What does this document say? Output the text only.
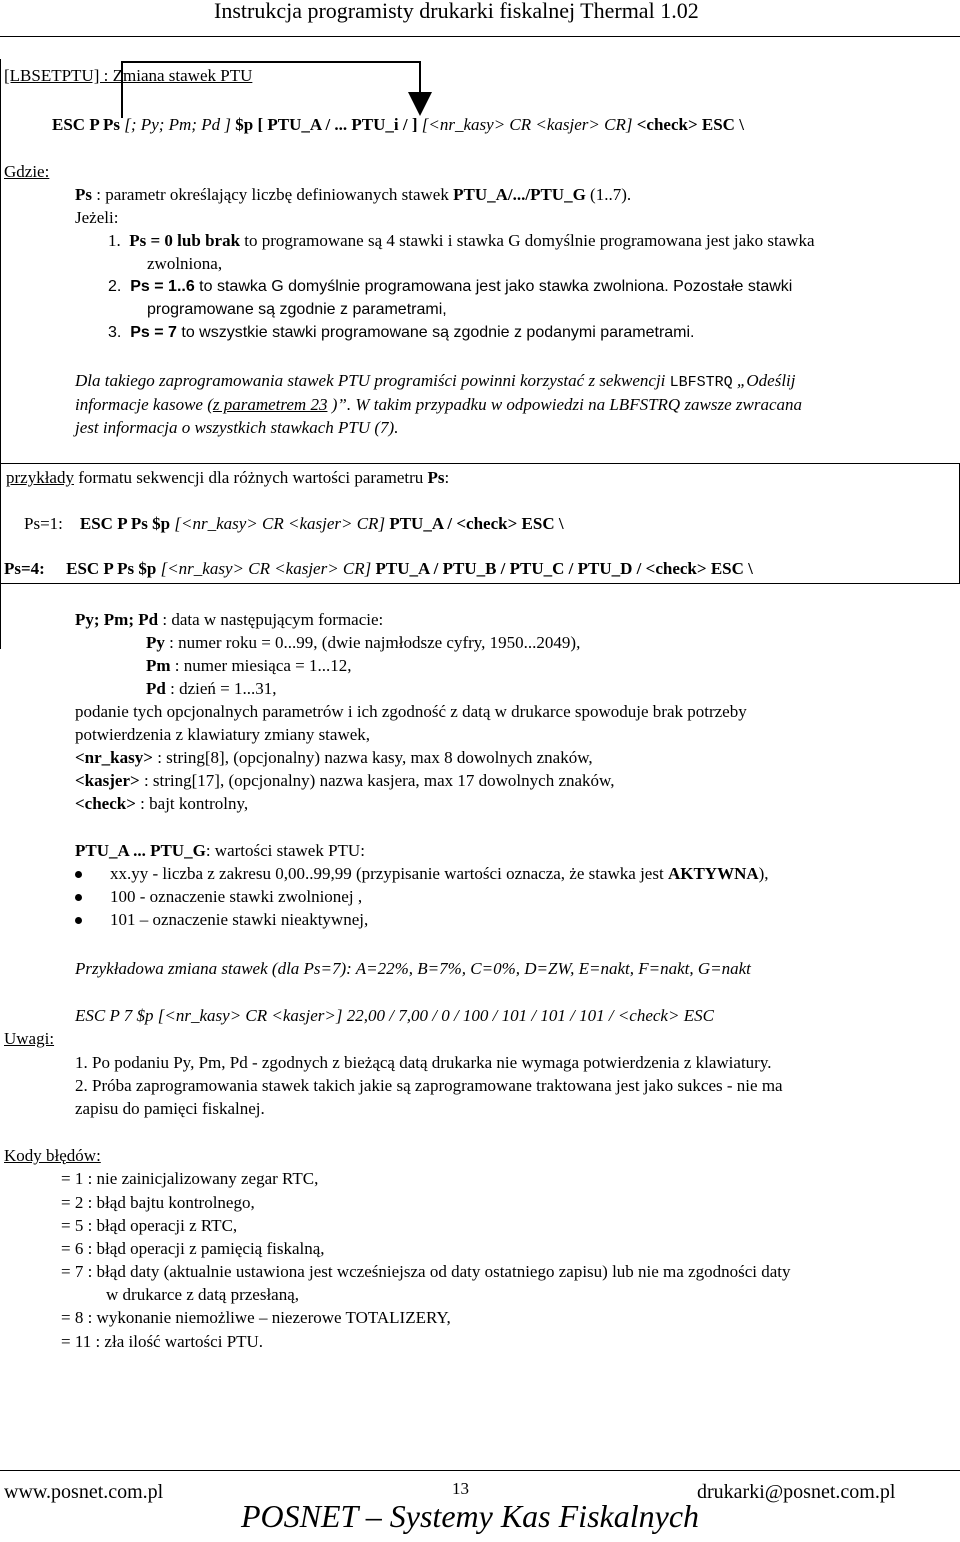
Instrukcja programisty drukarki fiskalnej Thermal 1.02
[LBSETPTU] : Zmiana stawek PTU
ESC P Ps [; Py; Pm; Pd ] $p [ PTU_A / ... PTU_i / ] [<nr_kasy> CR <kasjer> CR] <check> ESC \
Gdzie:
Ps : parametr określający liczbę definiowanych stawek PTU_A/.../PTU_G (1..7).
Jeżeli:
1. Ps = 0 lub brak to programowane są 4 stawki i stawka G domyślnie programowana jest jako stawka
zwolniona,
2. Ps = 1..6 to stawka G domyślnie programowana jest jako stawka zwolniona. Pozostałe stawki
programowane są zgodnie z parametrami,
3. Ps = 7 to wszystkie stawki programowane są zgodnie z podanymi parametrami.
Dla takiego zaprogramowania stawek PTU programiści powinni korzystać z sekwencji LBFSTRQ „Odeślij
informacje kasowe (z parametrem 23 )”. W takim przypadku w odpowiedzi na LBFSTRQ zawsze zwracana
jest informacja o wszystkich stawkach PTU (7).
przykłady formatu sekwencji dla różnych wartości parametru Ps:
Ps=1: ESC P Ps $p [<nr_kasy> CR <kasjer> CR] PTU_A / <check> ESC \
Ps=4: ESC P Ps $p [<nr_kasy> CR <kasjer> CR] PTU_A / PTU_B / PTU_C / PTU_D / <check> ESC \
Py; Pm; Pd : data w następującym formacie:
Py : numer roku = 0...99, (dwie najmłodsze cyfry, 1950...2049),
Pm : numer miesiąca = 1...12,
Pd : dzień = 1...31,
podanie tych opcjonalnych parametrów i ich zgodność z datą w drukarce spowoduje brak potrzeby
potwierdzenia z klawiatury zmiany stawek,
<nr_kasy> : string[8], (opcjonalny) nazwa kasy, max 8 dowolnych znaków,
<kasjer> : string[17], (opcjonalny) nazwa kasjera, max 17 dowolnych znaków,
<check> : bajt kontrolny,
PTU_A ... PTU_G: wartości stawek PTU:
xx.yy - liczba z zakresu 0,00..99,99 (przypisanie wartości oznacza, że stawka jest AKTYWNA),
100 - oznaczenie stawki zwolnionej ,
101 – oznaczenie stawki nieaktywnej,
Przykładowa zmiana stawek (dla Ps=7): A=22%, B=7%, C=0%, D=ZW, E=nakt, F=nakt, G=nakt
ESC P 7 $p [<nr_kasy> CR <kasjer>] 22,00 / 7,00 / 0 / 100 / 101 / 101 / 101 / <check> ESC
Uwagi:
1. Po podaniu Py, Pm, Pd - zgodnych z bieżącą datą drukarka nie wymaga potwierdzenia z klawiatury.
2. Próba zaprogramowania stawek takich jakie są zaprogramowane traktowana jest jako sukces - nie ma
zapisu do pamięci fiskalnej.
Kody błędów:
= 1 : nie zainicjalizowany zegar RTC,
= 2 : błąd bajtu kontrolnego,
= 5 : błąd operacji z RTC,
= 6 : błąd operacji z pamięcią fiskalną,
= 7 : błąd daty (aktualnie ustawiona jest wcześniejsza od daty ostatniego zapisu) lub nie ma zgodności daty
w drukarce z datą przesłaną,
= 8 : wykonanie niemożliwe – niezerowe TOTALIZERY,
= 11 : zła ilość wartości PTU.
www.posnet.com.pl	13	drukarki@posnet.com.pl
POSNET – Systemy Kas Fiskalnych
